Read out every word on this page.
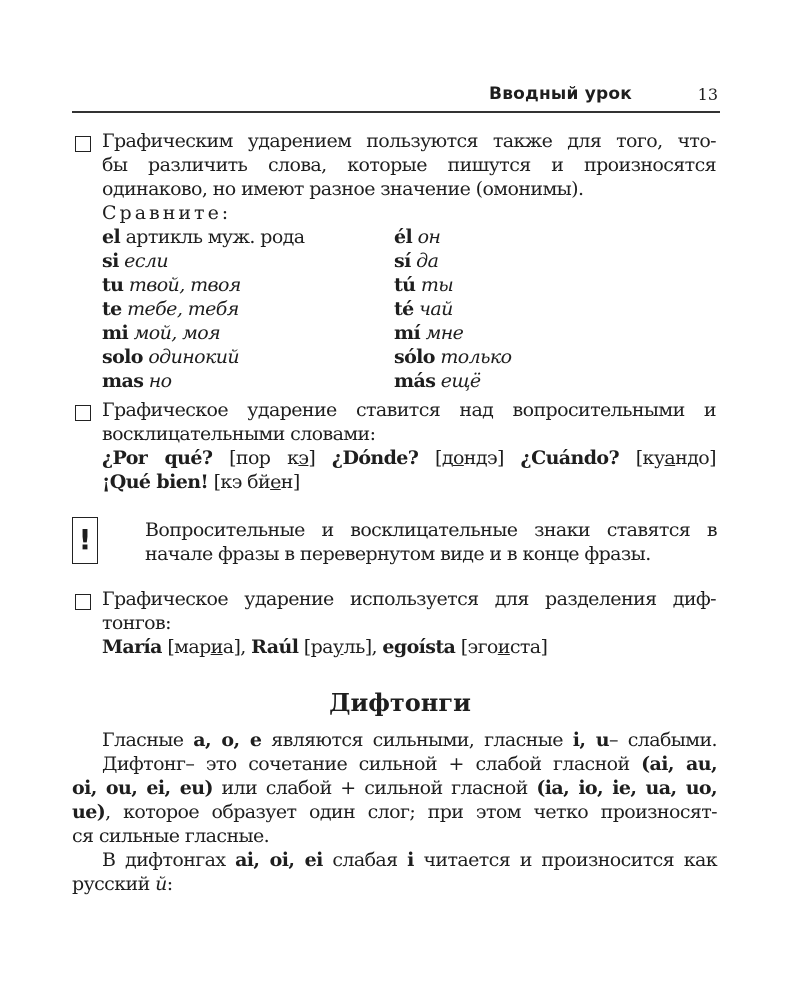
Вводный урок	13
Графическим ударением пользуются также для того, что-
бы различить слова, которые пишутся и произносятся
одинаково, но имеют разное значение (омонимы).
Сравните:
el артикль муж. рода	él он
si если	sí да
tu твой, твоя	tú ты
te тебе, тебя	té чай
mi мой, моя	mí мне
solo одинокий	sólo только
mas но	más ещё
Графическое ударение ставится над вопросительными и
восклицательными словами:
¿Por qué? [пор кэ] ¿Dónde? [дондэ] ¿Cuándo? [куандо]
¡Qué bien! [кэ бйен]
!	Вопросительные и восклицательные знаки ставятся в
начале фразы в перевернутом виде и в конце фразы.
Графическое ударение используется для разделения диф-
тонгов:
María [мариа], Raúl [рауль], egoísta [эгоиста]
Дифтонги
Гласные a, o, e являются сильными, гласные i, u– слабыми.
Дифтонг– это сочетание сильной + слабой гласной (ai, au,
oi, ou, ei, eu) или слабой + сильной гласной (ia, io, ie, ua, uo,
ue), которое образует один слог; при этом четко произносят-
ся сильные гласные.
В дифтонгах ai, oi, ei слабая i читается и произносится как
русский й:
